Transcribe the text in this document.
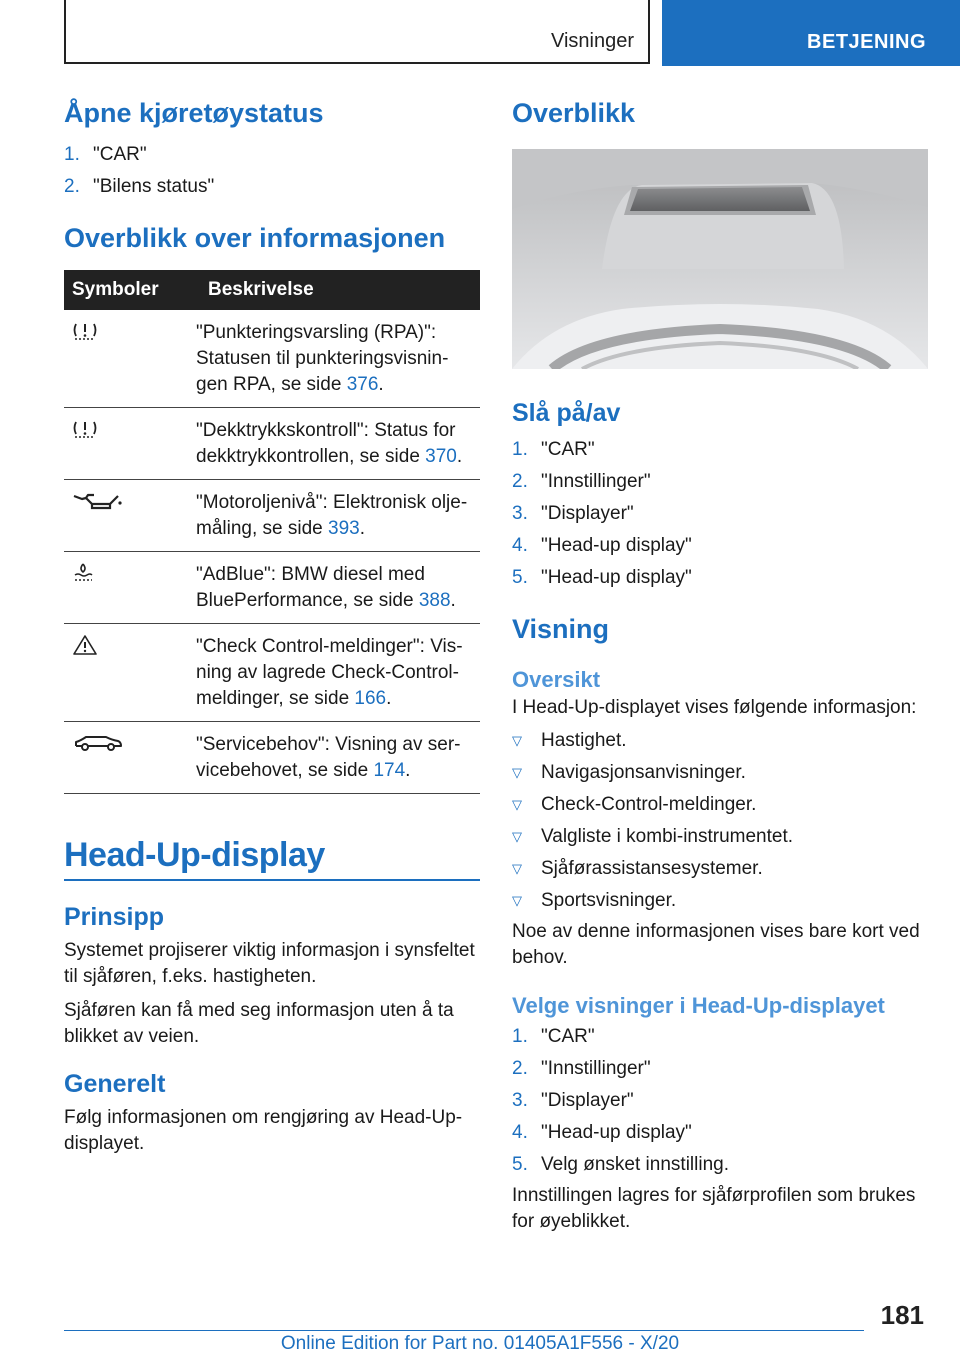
Visninger	BETJENING
Åpne kjøretøystatus
1. "CAR"
2. "Bilens status"
Overblikk over informasjonen
Symboler	Beskrivelse
	"Punkteringsvarsling (RPA)": Statusen til punkteringsvisnin-gen RPA, se side 376.
	"Dekktrykkskontroll": Status for dekktrykkontrollen, se side 370.
	"Motoroljenivå": Elektronisk olje-måling, se side 393.
	"AdBlue": BMW diesel med BluePerformance, se side 388.
	"Check Control-meldinger": Vis-ning av lagrede Check-Control-meldinger, se side 166.
	"Servicebehov": Visning av ser-vicebehovet, se side 174.
Head-Up-display
Prinsipp

Systemet projiserer viktig informasjon i synsfeltet til sjåføren, f.eks. hastigheten.

Sjåføren kan få med seg informasjon uten å ta blikket av veien.

Generelt

Følg informasjonen om rengjøring av Head-Up-displayet.

Overblikk
Slå på/av
1. "CAR"
2. "Innstillinger"
3. "Displayer"
4. "Head-up display"
5. "Head-up display"
Visning
Oversikt

I Head-Up-displayet vises følgende informasjon:

▽	Hastighet.
▽	Navigasjonsanvisninger.
▽	Check-Control-meldinger.
▽	Valgliste i kombi-instrumentet.
▽	Sjåførassistansesystemer.
▽	Sportsvisninger.

Noe av denne informasjonen vises bare kort ved behov.

Velge visninger i Head-Up-displayet
1. "CAR"
2. "Innstillinger"
3. "Displayer"
4. "Head-up display"
5. Velg ønsket innstilling.

Innstillingen lagres for sjåførprofilen som brukes for øyeblikket.

181
Online Edition for Part no. 01405A1F556 - X/20
